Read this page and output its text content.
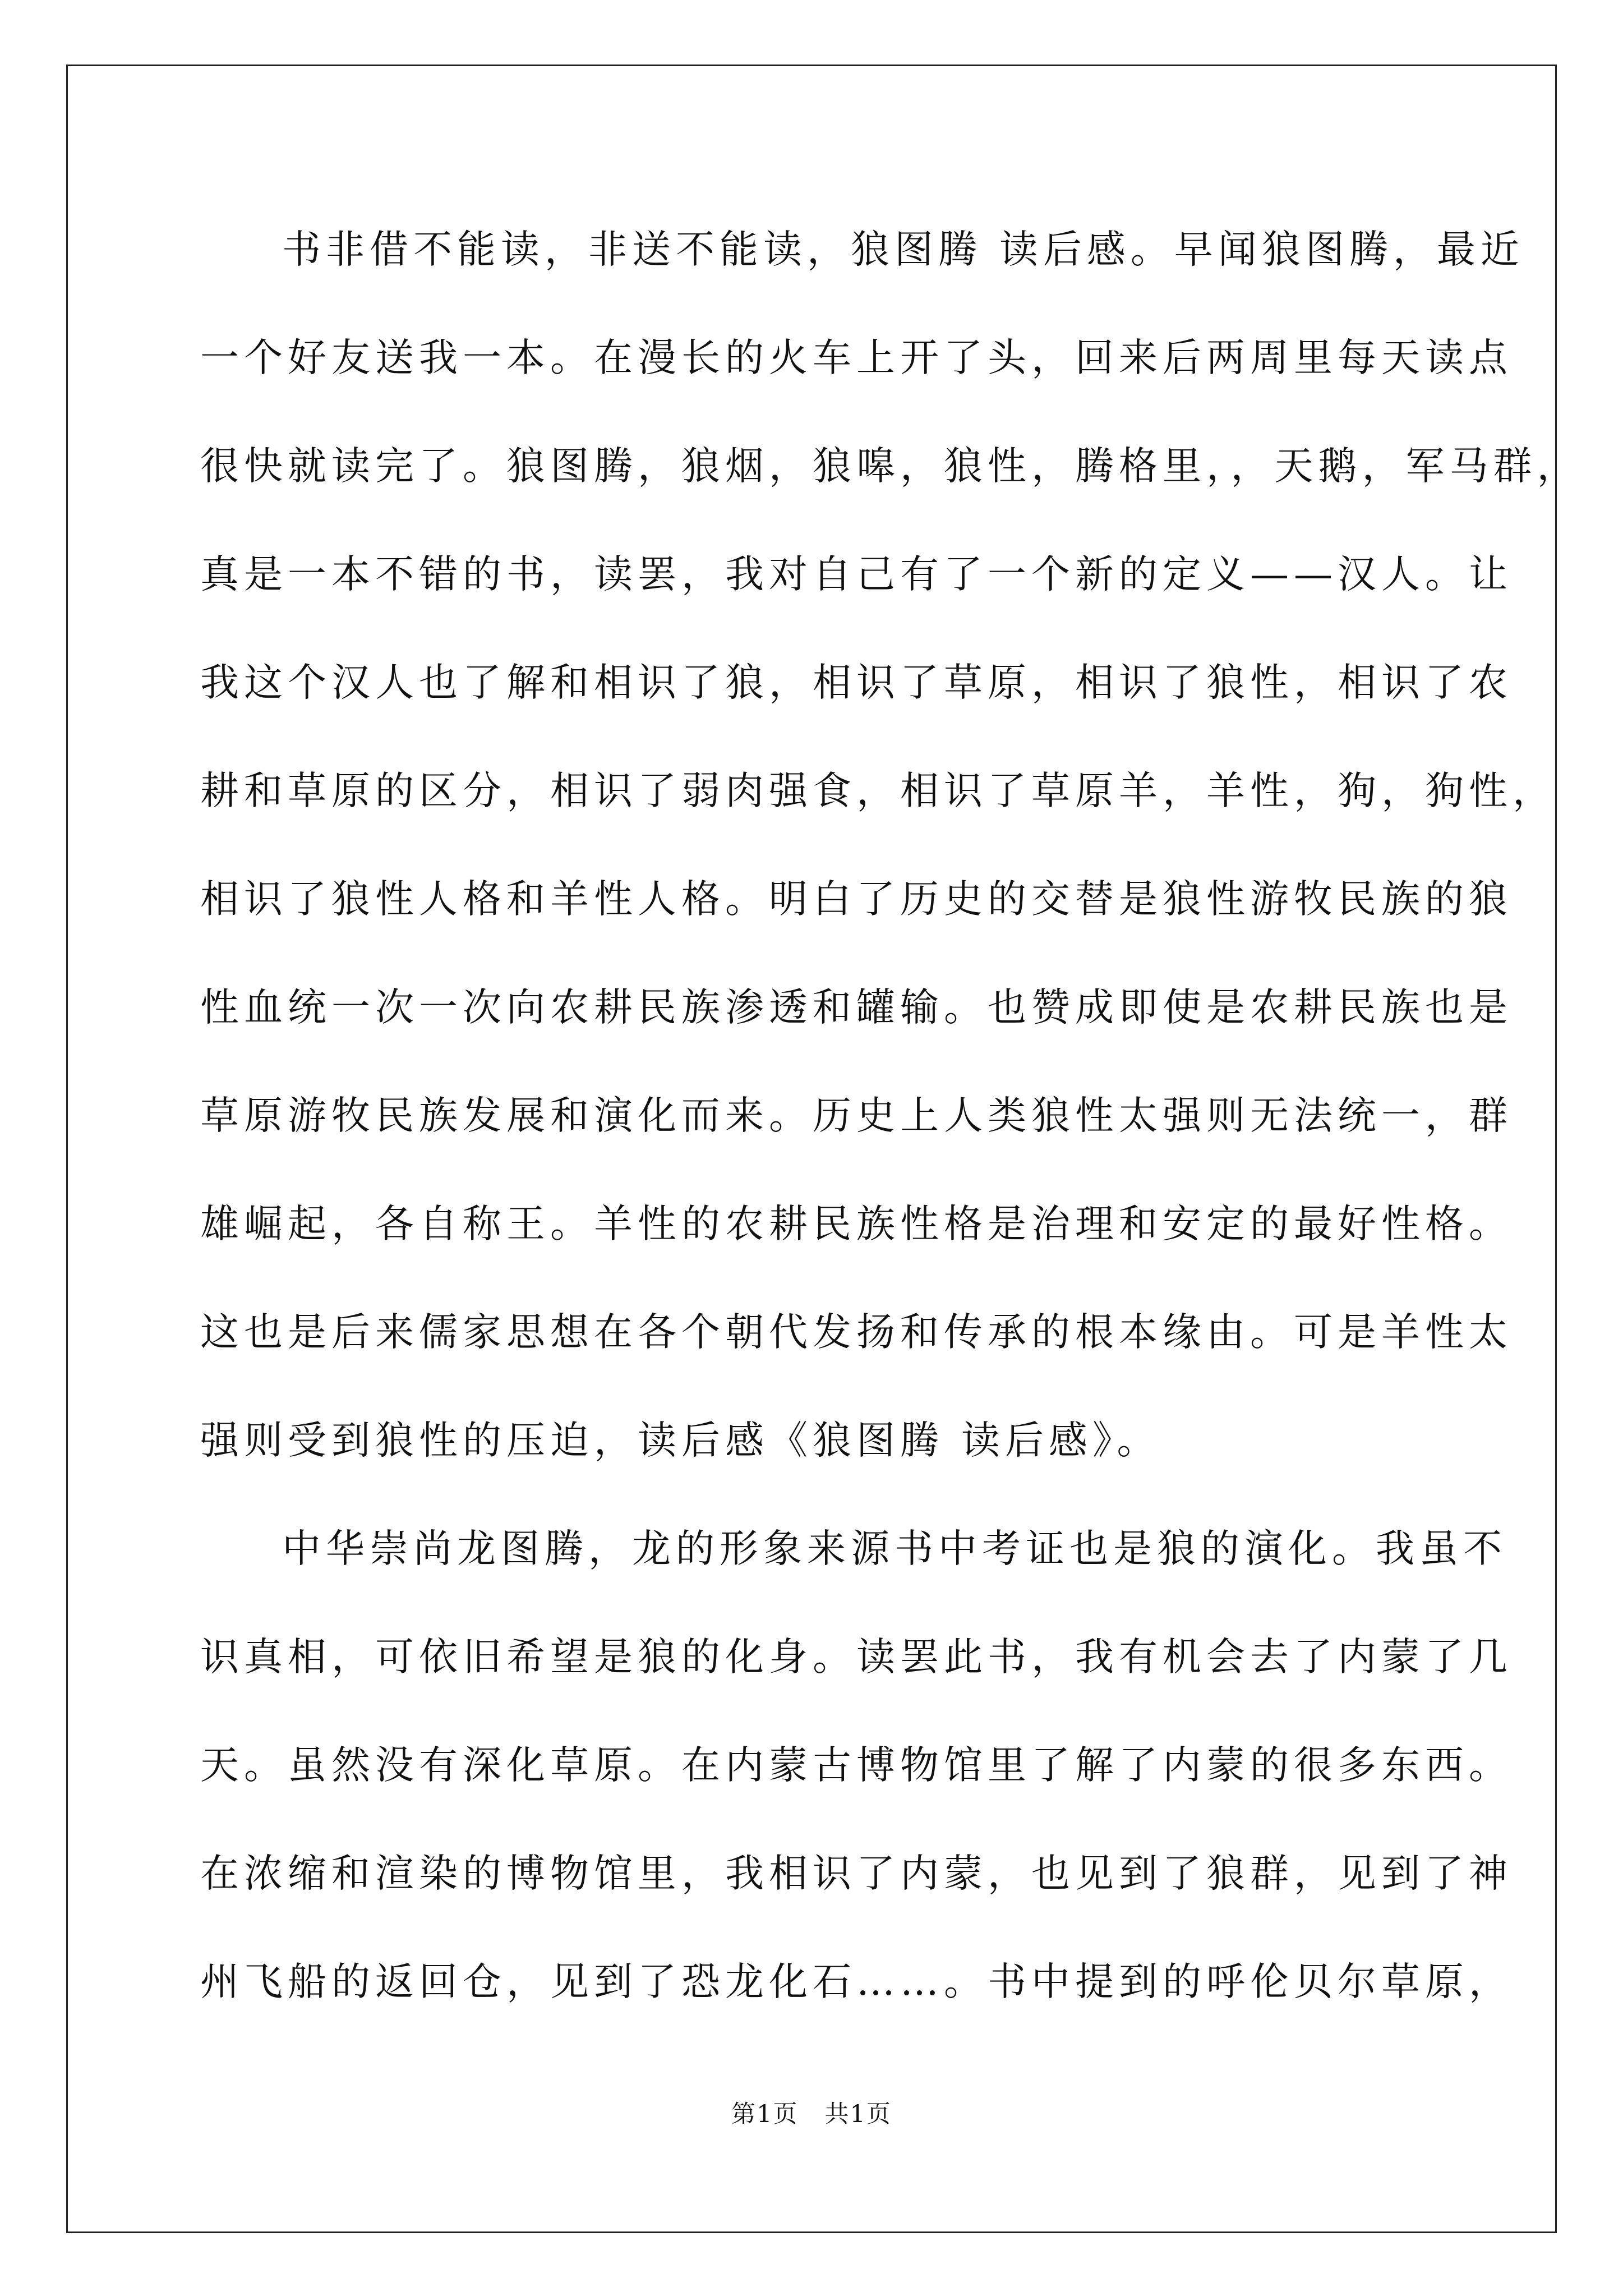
书非借不能读，非送不能读，狼图腾 读后感。早闻狼图腾，最近
一个好友送我一本。在漫长的火车上开了头，回来后两周里每天读点
很快就读完了。狼图腾，狼烟，狼嗥，狼性，腾格里，，天鹅，军马群，
真是一本不错的书，读罢，我对自己有了一个新的定义——汉人。让
我这个汉人也了解和相识了狼，相识了草原，相识了狼性，相识了农
耕和草原的区分，相识了弱肉强食，相识了草原羊，羊性，狗，狗性，
相识了狼性人格和羊性人格。明白了历史的交替是狼性游牧民族的狼
性血统一次一次向农耕民族渗透和罐输。也赞成即使是农耕民族也是
草原游牧民族发展和演化而来。历史上人类狼性太强则无法统一，群
雄崛起，各自称王。羊性的农耕民族性格是治理和安定的最好性格。
这也是后来儒家思想在各个朝代发扬和传承的根本缘由。可是羊性太
强则受到狼性的压迫，读后感《狼图腾 读后感》。
中华崇尚龙图腾，龙的形象来源书中考证也是狼的演化。我虽不
识真相，可依旧希望是狼的化身。读罢此书，我有机会去了内蒙了几
天。虽然没有深化草原。在内蒙古博物馆里了解了内蒙的很多东西。
在浓缩和渲染的博物馆里，我相识了内蒙，也见到了狼群，见到了神
州飞船的返回仓，见到了恐龙化石……。书中提到的呼伦贝尔草原，
第1页   共1页
